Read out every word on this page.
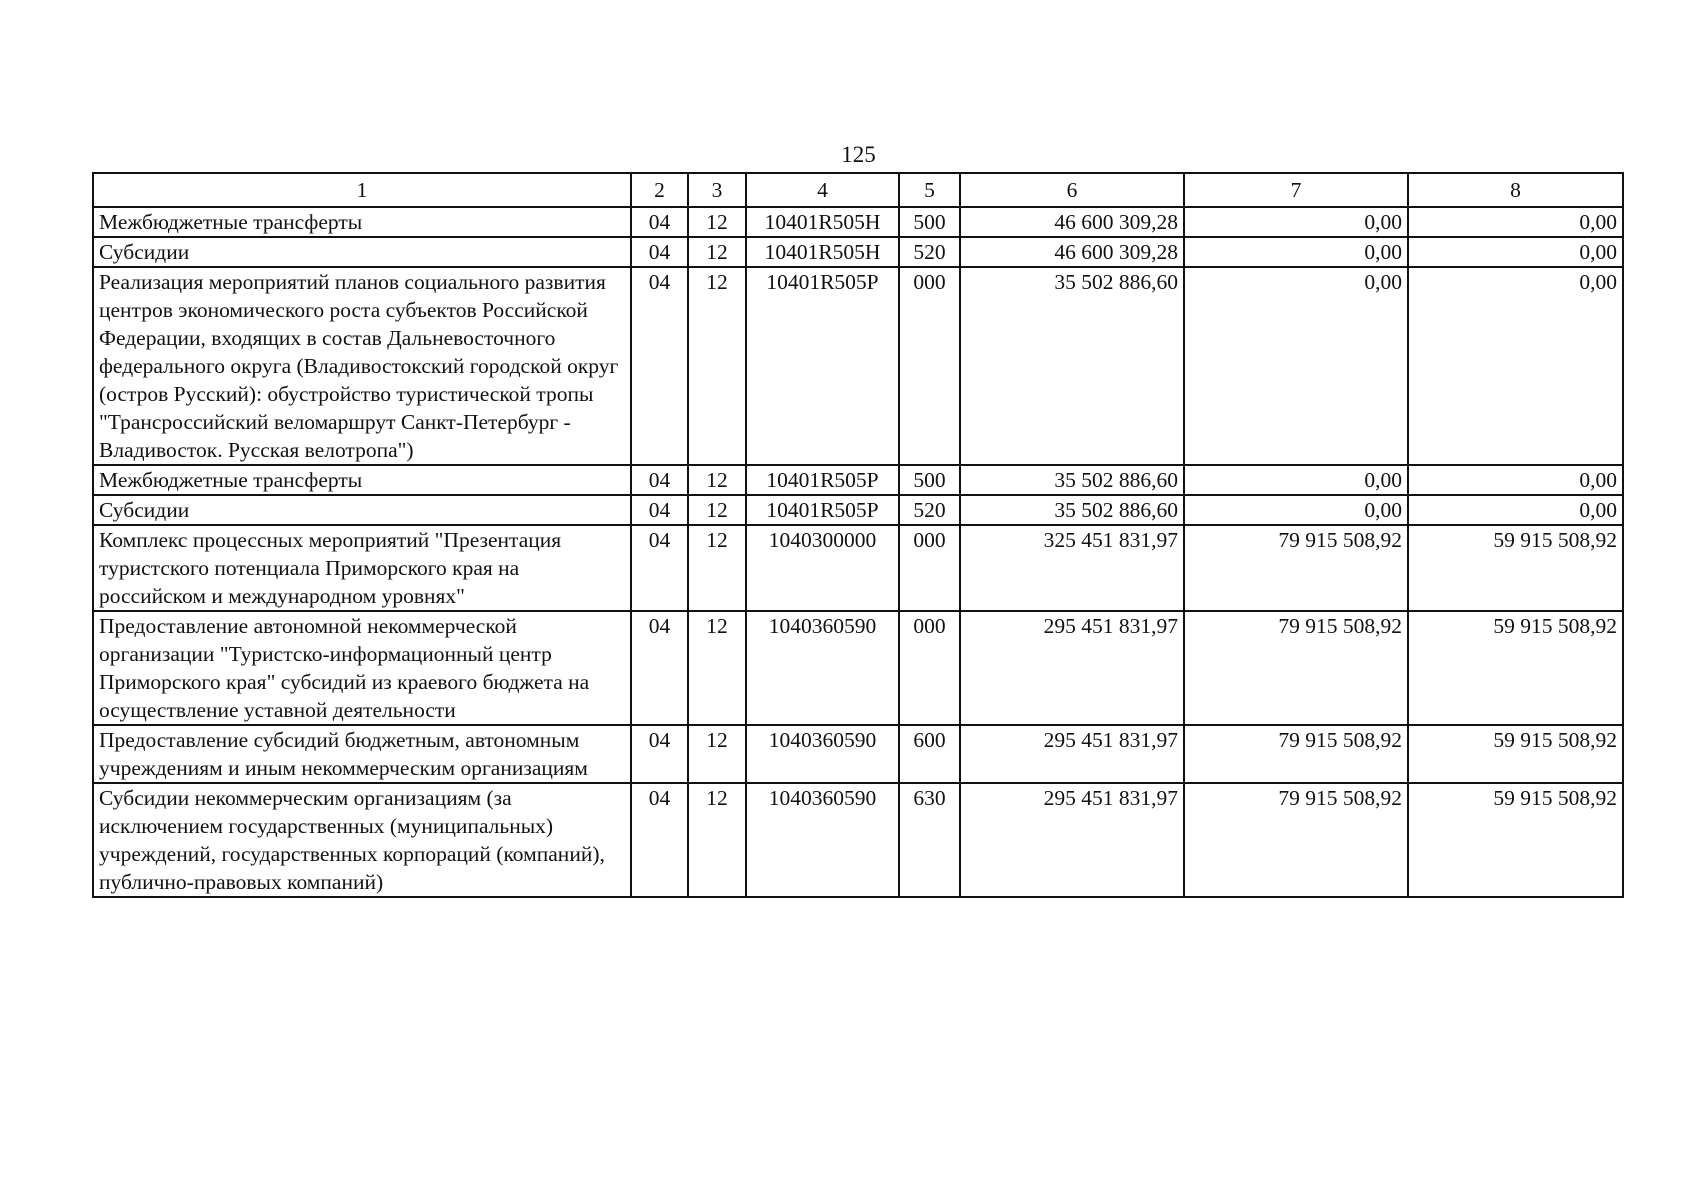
125
1	2	3	4	5	6	7	8
Межбюджетные трансферты	04	12	10401R505H	500	46 600 309,28	0,00	0,00
Субсидии	04	12	10401R505H	520	46 600 309,28	0,00	0,00
Реализация мероприятий планов социального развития центров экономического роста субъектов Российской Федерации, входящих в состав Дальневосточного федерального округа (Владивостокский городской округ (остров Русский): обустройство туристической тропы "Трансроссийский веломаршрут Санкт-Петербург - Владивосток. Русская велотропа")	04	12	10401R505P	000	35 502 886,60	0,00	0,00
Межбюджетные трансферты	04	12	10401R505P	500	35 502 886,60	0,00	0,00
Субсидии	04	12	10401R505P	520	35 502 886,60	0,00	0,00
Комплекс процессных мероприятий "Презентация туристского потенциала Приморского края на российском и международном уровнях"	04	12	1040300000	000	325 451 831,97	79 915 508,92	59 915 508,92
Предоставление автономной некоммерческой организации "Туристско-информационный центр Приморского края" субсидий из краевого бюджета на осуществление уставной деятельности	04	12	1040360590	000	295 451 831,97	79 915 508,92	59 915 508,92
Предоставление субсидий бюджетным, автономным учреждениям и иным некоммерческим организациям	04	12	1040360590	600	295 451 831,97	79 915 508,92	59 915 508,92
Субсидии некоммерческим организациям (за исключением государственных (муниципальных) учреждений, государственных корпораций (компаний), публично-правовых компаний)	04	12	1040360590	630	295 451 831,97	79 915 508,92	59 915 508,92
